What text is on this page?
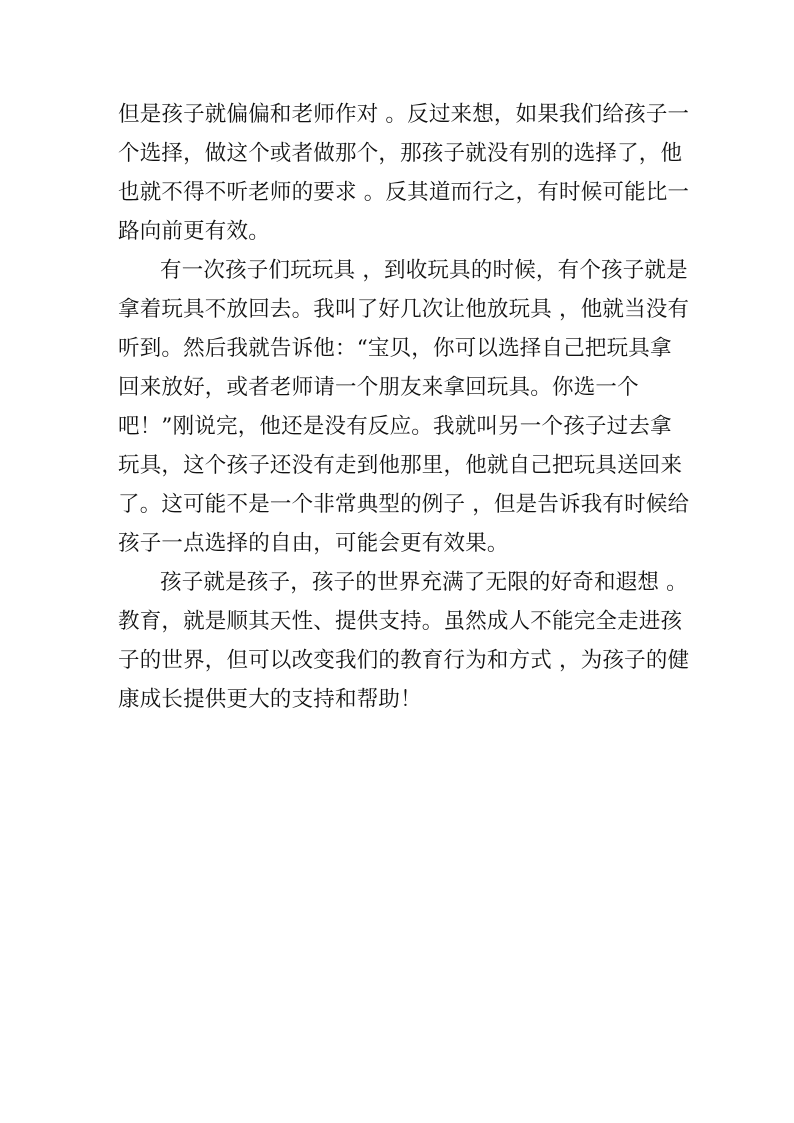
但是孩子就偏偏和老师作对 。反过来想，如果我们给孩子一
个选择，做这个或者做那个，那孩子就没有别的选择了，他
也就不得不听老师的要求 。反其道而行之，有时候可能比一
路向前更有效。
有一次孩子们玩玩具 ，到收玩具的时候，有个孩子就是
拿着玩具不放回去。我叫了好几次让他放玩具 ，他就当没有
听到。然后我就告诉他：“宝贝，你可以选择自己把玩具拿
回来放好，或者老师请一个朋友来拿回玩具。你选一个
吧！”刚说完，他还是没有反应。我就叫另一个孩子过去拿
玩具，这个孩子还没有走到他那里，他就自己把玩具送回来
了。这可能不是一个非常典型的例子 ，但是告诉我有时候给
孩子一点选择的自由，可能会更有效果。
孩子就是孩子，孩子的世界充满了无限的好奇和遐想 。
教育，就是顺其天性、提供支持。虽然成人不能完全走进孩
子的世界，但可以改变我们的教育行为和方式 ，为孩子的健
康成长提供更大的支持和帮助！
